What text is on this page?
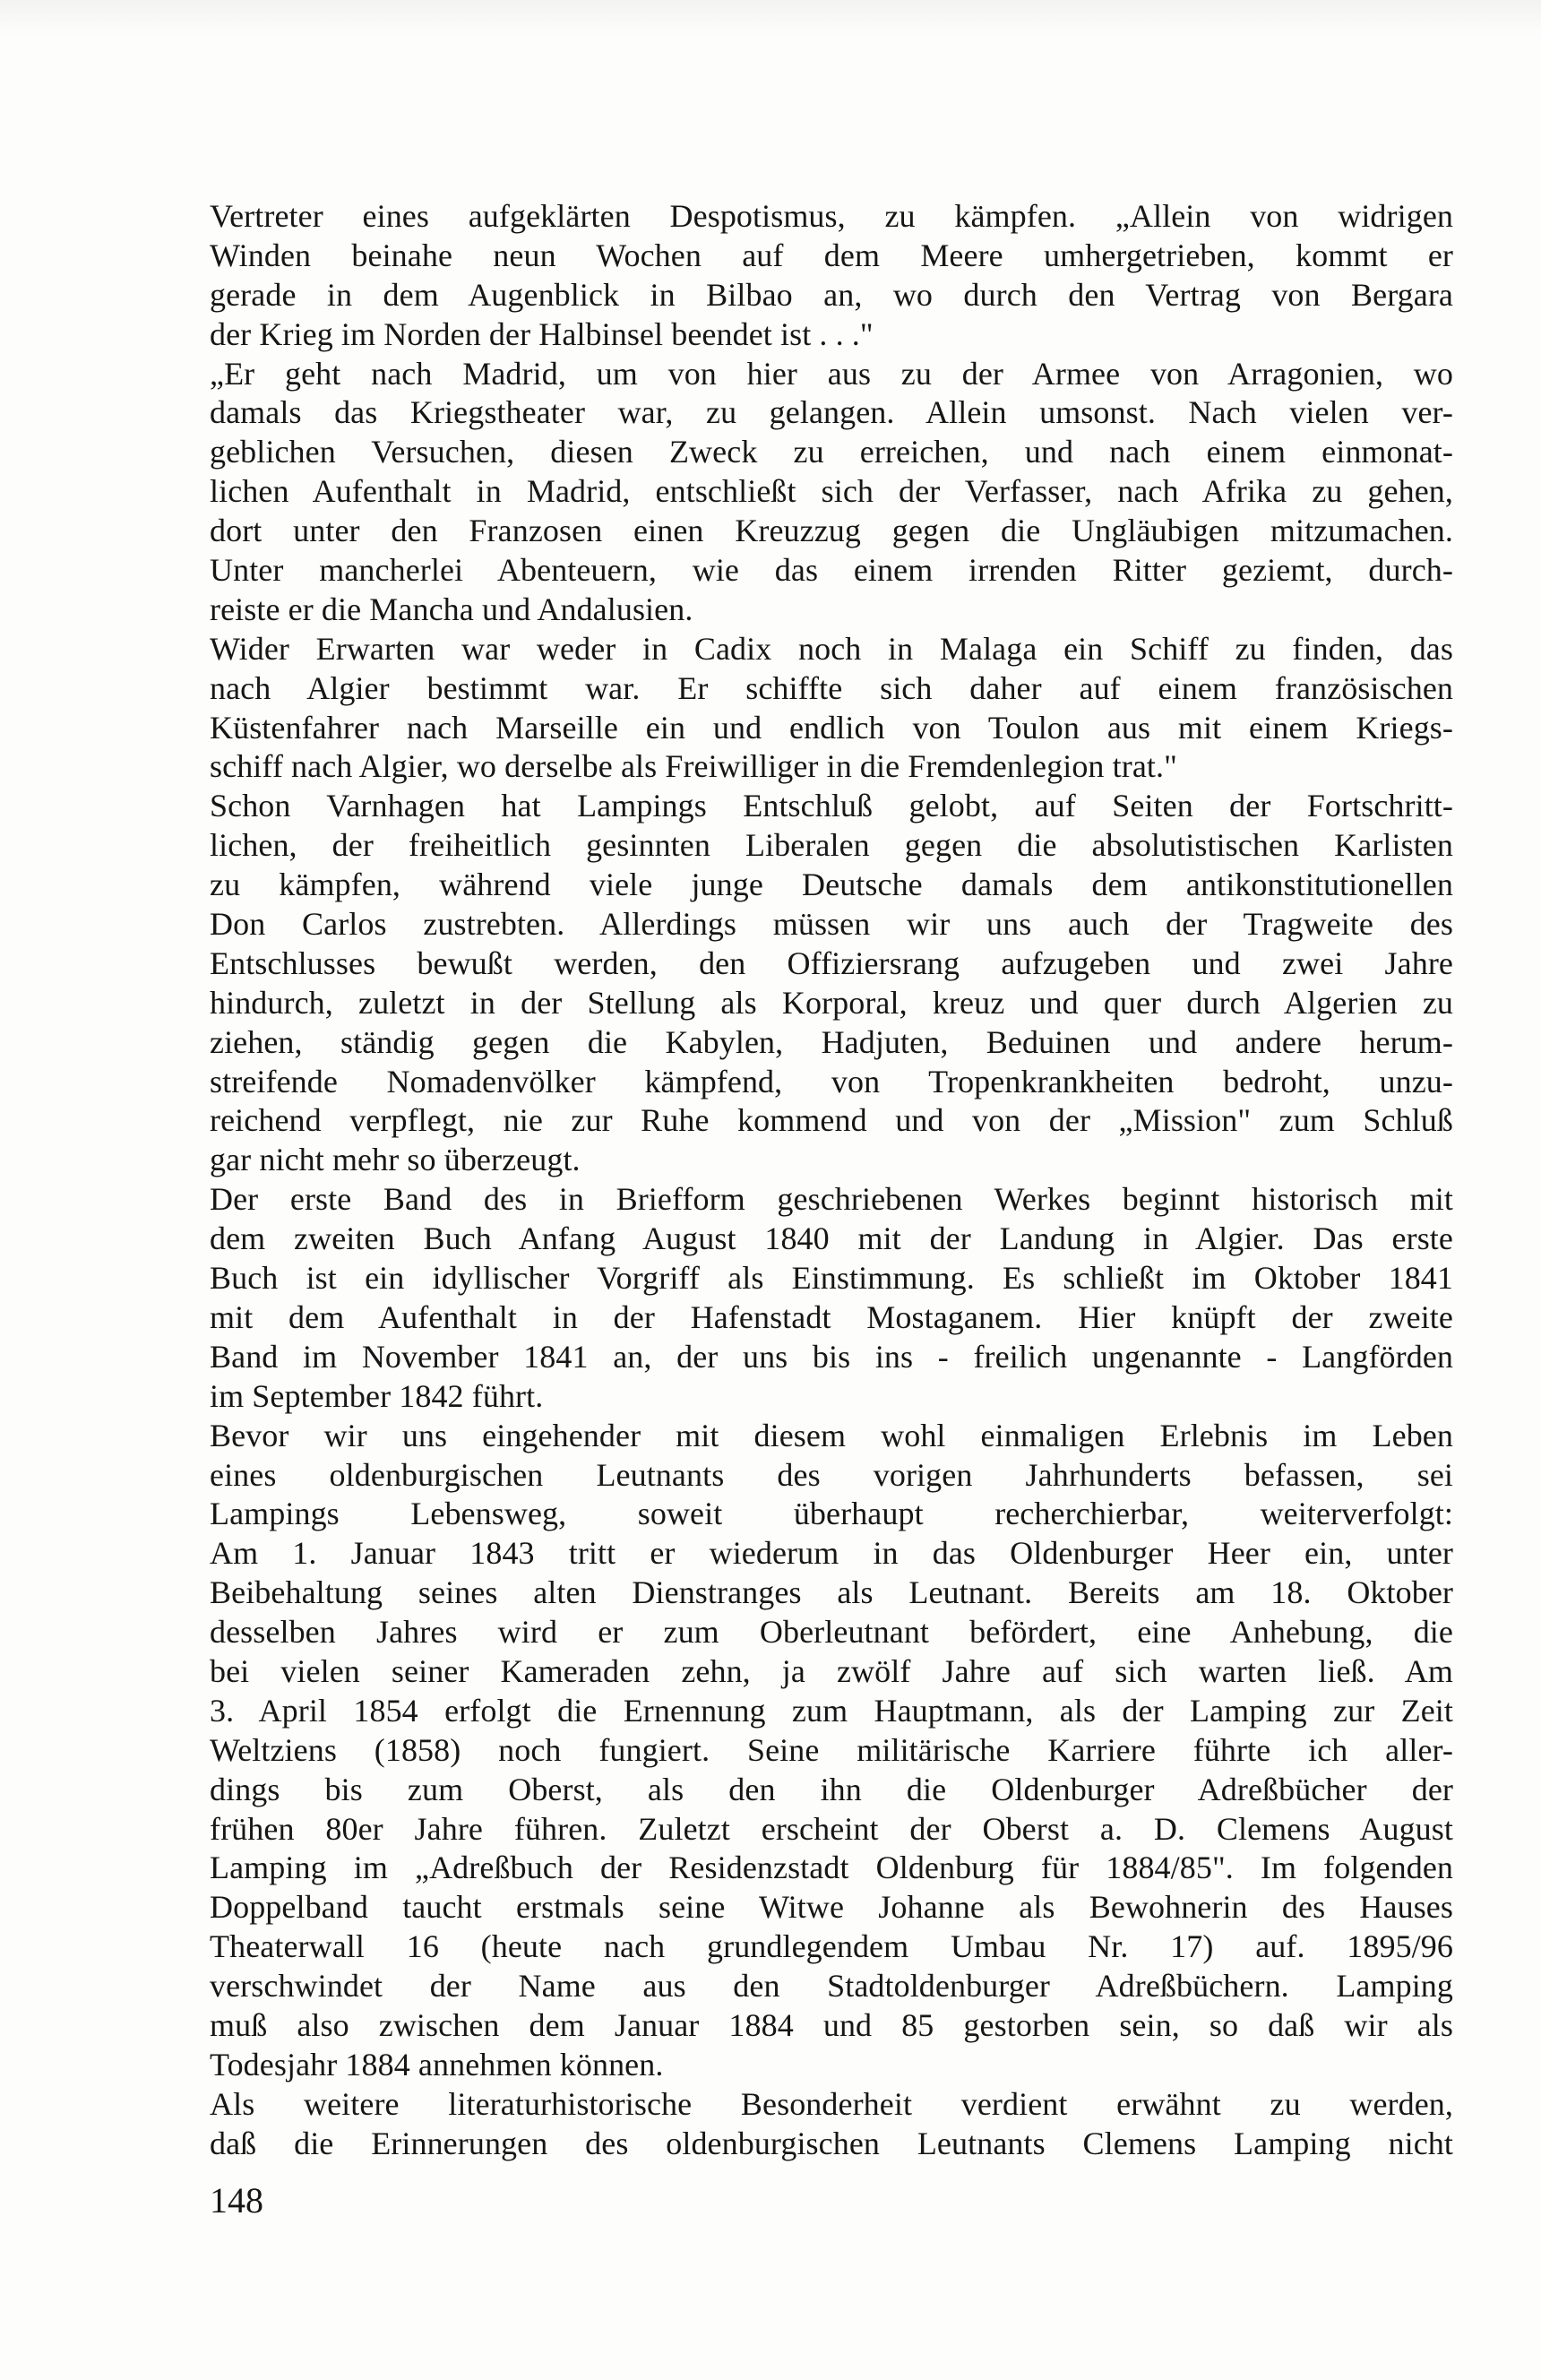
Vertreter eines aufgeklärten Despotismus, zu kämpfen. „Allein von widrigen
Winden beinahe neun Wochen auf dem Meere umhergetrieben, kommt er
gerade in dem Augenblick in Bilbao an, wo durch den Vertrag von Bergara
der Krieg im Norden der Halbinsel beendet ist . . ."
„Er geht nach Madrid, um von hier aus zu der Armee von Arragonien, wo
damals das Kriegstheater war, zu gelangen. Allein umsonst. Nach vielen ver-
geblichen Versuchen, diesen Zweck zu erreichen, und nach einem einmonat-
lichen Aufenthalt in Madrid, entschließt sich der Verfasser, nach Afrika zu gehen,
dort unter den Franzosen einen Kreuzzug gegen die Ungläubigen mitzumachen.
Unter mancherlei Abenteuern, wie das einem irrenden Ritter geziemt, durch-
reiste er die Mancha und Andalusien.
Wider Erwarten war weder in Cadix noch in Malaga ein Schiff zu finden, das
nach Algier bestimmt war. Er schiffte sich daher auf einem französischen
Küstenfahrer nach Marseille ein und endlich von Toulon aus mit einem Kriegs-
schiff nach Algier, wo derselbe als Freiwilliger in die Fremdenlegion trat."
Schon Varnhagen hat Lampings Entschluß gelobt, auf Seiten der Fortschritt-
lichen, der freiheitlich gesinnten Liberalen gegen die absolutistischen Karlisten
zu kämpfen, während viele junge Deutsche damals dem antikonstitutionellen
Don Carlos zustrebten. Allerdings müssen wir uns auch der Tragweite des
Entschlusses bewußt werden, den Offiziersrang aufzugeben und zwei Jahre
hindurch, zuletzt in der Stellung als Korporal, kreuz und quer durch Algerien zu
ziehen, ständig gegen die Kabylen, Hadjuten, Beduinen und andere herum-
streifende Nomadenvölker kämpfend, von Tropenkrankheiten bedroht, unzu-
reichend verpflegt, nie zur Ruhe kommend und von der „Mission" zum Schluß
gar nicht mehr so überzeugt.
Der erste Band des in Briefform geschriebenen Werkes beginnt historisch mit
dem zweiten Buch Anfang August 1840 mit der Landung in Algier. Das erste
Buch ist ein idyllischer Vorgriff als Einstimmung. Es schließt im Oktober 1841
mit dem Aufenthalt in der Hafenstadt Mostaganem. Hier knüpft der zweite
Band im November 1841 an, der uns bis ins - freilich ungenannte - Langförden
im September 1842 führt.
Bevor wir uns eingehender mit diesem wohl einmaligen Erlebnis im Leben
eines oldenburgischen Leutnants des vorigen Jahrhunderts befassen, sei
Lampings Lebensweg, soweit überhaupt recherchierbar, weiterverfolgt:
Am 1. Januar 1843 tritt er wiederum in das Oldenburger Heer ein, unter
Beibehaltung seines alten Dienstranges als Leutnant. Bereits am 18. Oktober
desselben Jahres wird er zum Oberleutnant befördert, eine Anhebung, die
bei vielen seiner Kameraden zehn, ja zwölf Jahre auf sich warten ließ. Am
3. April 1854 erfolgt die Ernennung zum Hauptmann, als der Lamping zur Zeit
Weltziens (1858) noch fungiert. Seine militärische Karriere führte ich aller-
dings bis zum Oberst, als den ihn die Oldenburger Adreßbücher der
frühen 80er Jahre führen. Zuletzt erscheint der Oberst a. D. Clemens August
Lamping im „Adreßbuch der Residenzstadt Oldenburg für 1884/85". Im folgenden
Doppelband taucht erstmals seine Witwe Johanne als Bewohnerin des Hauses
Theaterwall 16 (heute nach grundlegendem Umbau Nr. 17) auf. 1895/96
verschwindet der Name aus den Stadtoldenburger Adreßbüchern. Lamping
muß also zwischen dem Januar 1884 und 85 gestorben sein, so daß wir als
Todesjahr 1884 annehmen können.
Als weitere literaturhistorische Besonderheit verdient erwähnt zu werden,
daß die Erinnerungen des oldenburgischen Leutnants Clemens Lamping nicht
148
